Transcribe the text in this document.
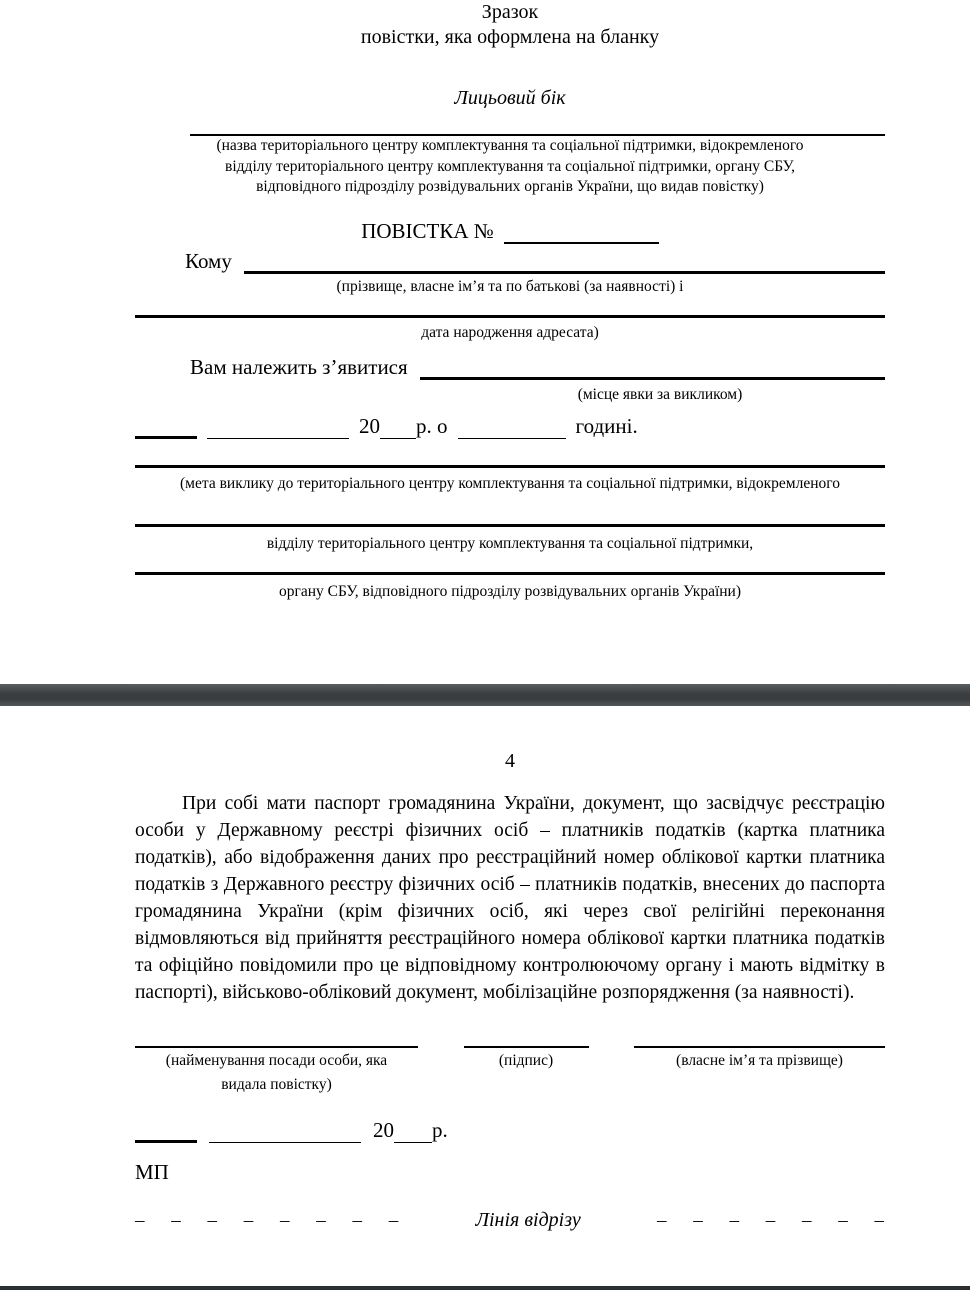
Зразок
повістки, яка оформлена на бланку
Лицьовий бік
(назва територіального центру комплектування та соціальної підтримки, відокремленого
відділу територіального центру комплектування та соціальної підтримки, органу СБУ,
відповідного підрозділу розвідувальних органів України, що видав повістку)
ПОВІСТКА №
Кому
(прізвище, власне ім’я та по батькові (за наявності) і
дата народження адресата)
Вам належить з’явитися
(місце явки за викликом)
20 р. о	годині.
(мета виклику до територіального центру комплектування та соціальної підтримки, відокремленого
відділу територіального центру комплектування та соціальної підтримки,
органу СБУ, відповідного підрозділу розвідувальних органів України)
4
При собі мати паспорт громадянина України, документ, що засвідчує реєстрацію особи у Державному реєстрі фізичних осіб – платників податків (картка платника податків), або відображення даних про реєстраційний номер облікової картки платника податків з Державного реєстру фізичних осіб – платників податків, внесених до паспорта громадянина України (крім фізичних осіб, які через свої релігійні переконання відмовляються від прийняття реєстраційного номера облікової картки платника податків та офіційно повідомили про це відповідному контролюючому органу і мають відмітку в паспорті), військово-обліковий документ, мобілізаційне розпорядження (за наявності).
(найменування посади особи, яка
видала повістку)
(підпис)	(власне ім’я та прізвище)
20 р.
МП
– – – – – – – –	Лінія відрізу	– – – – – – –
